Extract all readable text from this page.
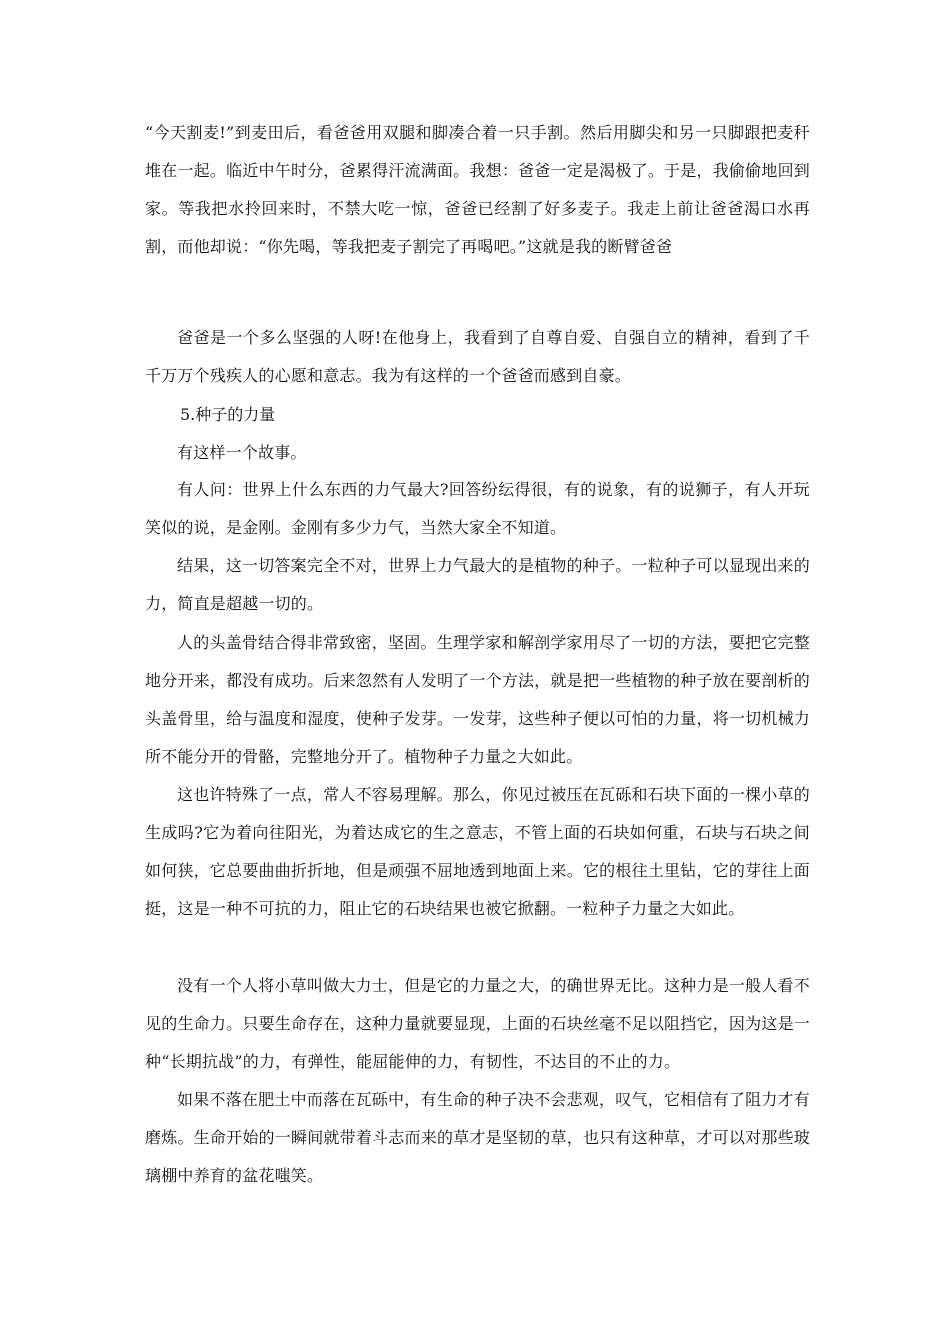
“今天割麦!”到麦田后，看爸爸用双腿和脚凑合着一只手割。然后用脚尖和另一只脚跟把麦秆堆在一起。临近中午时分，爸累得汗流满面。我想：爸爸一定是渴极了。于是，我偷偷地回到家。等我把水拎回来时，不禁大吃一惊，爸爸已经割了好多麦子。我走上前让爸爸渴口水再割，而他却说：“你先喝，等我把麦子割完了再喝吧。”这就是我的断臂爸爸

爸爸是一个多么坚强的人呀!在他身上，我看到了自尊自爱、自强自立的精神，看到了千千万万个残疾人的心愿和意志。我为有这样的一个爸爸而感到自豪。

5.种子的力量

有这样一个故事。

有人问：世界上什么东西的力气最大?回答纷纭得很，有的说象，有的说狮子，有人开玩笑似的说，是金刚。金刚有多少力气，当然大家全不知道。

结果，这一切答案完全不对，世界上力气最大的是植物的种子。一粒种子可以显现出来的力，简直是超越一切的。

人的头盖骨结合得非常致密，坚固。生理学家和解剖学家用尽了一切的方法，要把它完整地分开来，都没有成功。后来忽然有人发明了一个方法，就是把一些植物的种子放在要剖析的头盖骨里，给与温度和湿度，使种子发芽。一发芽，这些种子便以可怕的力量，将一切机械力所不能分开的骨骼，完整地分开了。植物种子力量之大如此。

这也许特殊了一点，常人不容易理解。那么，你见过被压在瓦砾和石块下面的一棵小草的生成吗?它为着向往阳光，为着达成它的生之意志，不管上面的石块如何重，石块与石块之间如何狭，它总要曲曲折折地，但是顽强不屈地透到地面上来。它的根往土里钻，它的芽往上面挺，这是一种不可抗的力，阻止它的石块结果也被它掀翻。一粒种子力量之大如此。

没有一个人将小草叫做大力士，但是它的力量之大，的确世界无比。这种力是一般人看不见的生命力。只要生命存在，这种力量就要显现，上面的石块丝毫不足以阻挡它，因为这是一种“长期抗战”的力，有弹性，能屈能伸的力，有韧性，不达目的不止的力。

如果不落在肥土中而落在瓦砾中，有生命的种子决不会悲观，叹气，它相信有了阻力才有磨炼。生命开始的一瞬间就带着斗志而来的草才是坚韧的草，也只有这种草，才可以对那些玻璃棚中养育的盆花嗤笑。
